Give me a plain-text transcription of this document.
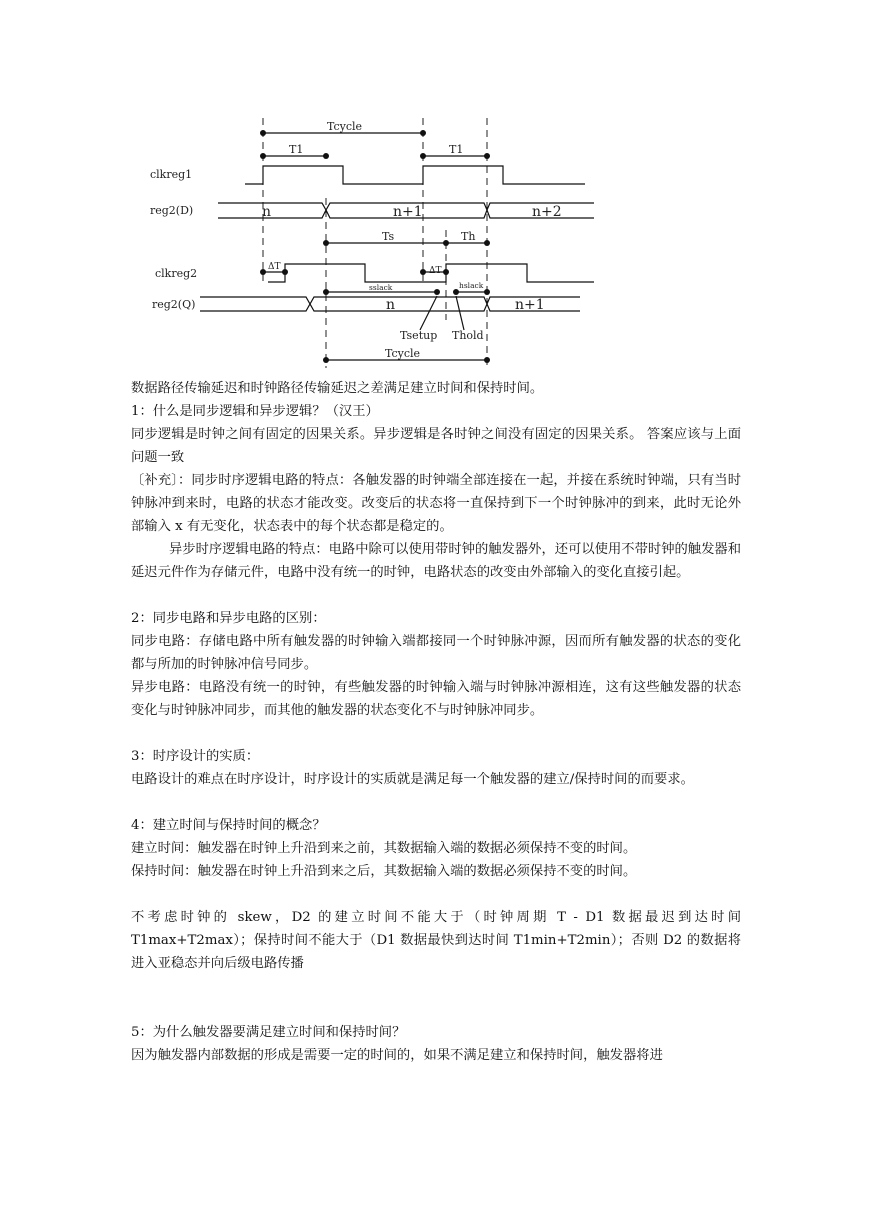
Tcycle
T1	T1
clkreg1
reg2(D)	n	n+1	n+2
Ts	Th
ΔT	ΔT
clkreg2
sslack	hslack
reg2(Q)	n	n+1
Tsetup Thold
Tcycle

数据路径传输延迟和时钟路径传输延迟之差满足建立时间和保持时间。

1：什么是同步逻辑和异步逻辑？（汉王）

同步逻辑是时钟之间有固定的因果关系。异步逻辑是各时钟之间没有固定的因果关系。 答案应该与上面问题一致

〔补充〕：同步时序逻辑电路的特点：各触发器的时钟端全部连接在一起，并接在系统时钟端，只有当时钟脉冲到来时，电路的状态才能改变。改变后的状态将一直保持到下一个时钟脉冲的到来，此时无论外部输入 x 有无变化，状态表中的每个状态都是稳定的。

异步时序逻辑电路的特点：电路中除可以使用带时钟的触发器外，还可以使用不带时钟的触发器和延迟元件作为存储元件，电路中没有统一的时钟，电路状态的改变由外部输入的变化直接引起。

2：同步电路和异步电路的区别：

同步电路：存储电路中所有触发器的时钟输入端都接同一个时钟脉冲源，因而所有触发器的状态的变化都与所加的时钟脉冲信号同步。

异步电路：电路没有统一的时钟，有些触发器的时钟输入端与时钟脉冲源相连，这有这些触发器的状态变化与时钟脉冲同步，而其他的触发器的状态变化不与时钟脉冲同步。

3：时序设计的实质：

电路设计的难点在时序设计，时序设计的实质就是满足每一个触发器的建立/保持时间的而要求。

4：建立时间与保持时间的概念？

建立时间：触发器在时钟上升沿到来之前，其数据输入端的数据必须保持不变的时间。

保持时间：触发器在时钟上升沿到来之后，其数据输入端的数据必须保持不变的时间。

不考虑时钟的 skew，D2 的建立时间不能大于（时钟周期 T - D1 数据最迟到达时间 T1max+T2max）；保持时间不能大于（D1 数据最快到达时间 T1min+T2min）；否则 D2 的数据将进入亚稳态并向后级电路传播

5：为什么触发器要满足建立时间和保持时间？

因为触发器内部数据的形成是需要一定的时间的，如果不满足建立和保持时间，触发器将进
